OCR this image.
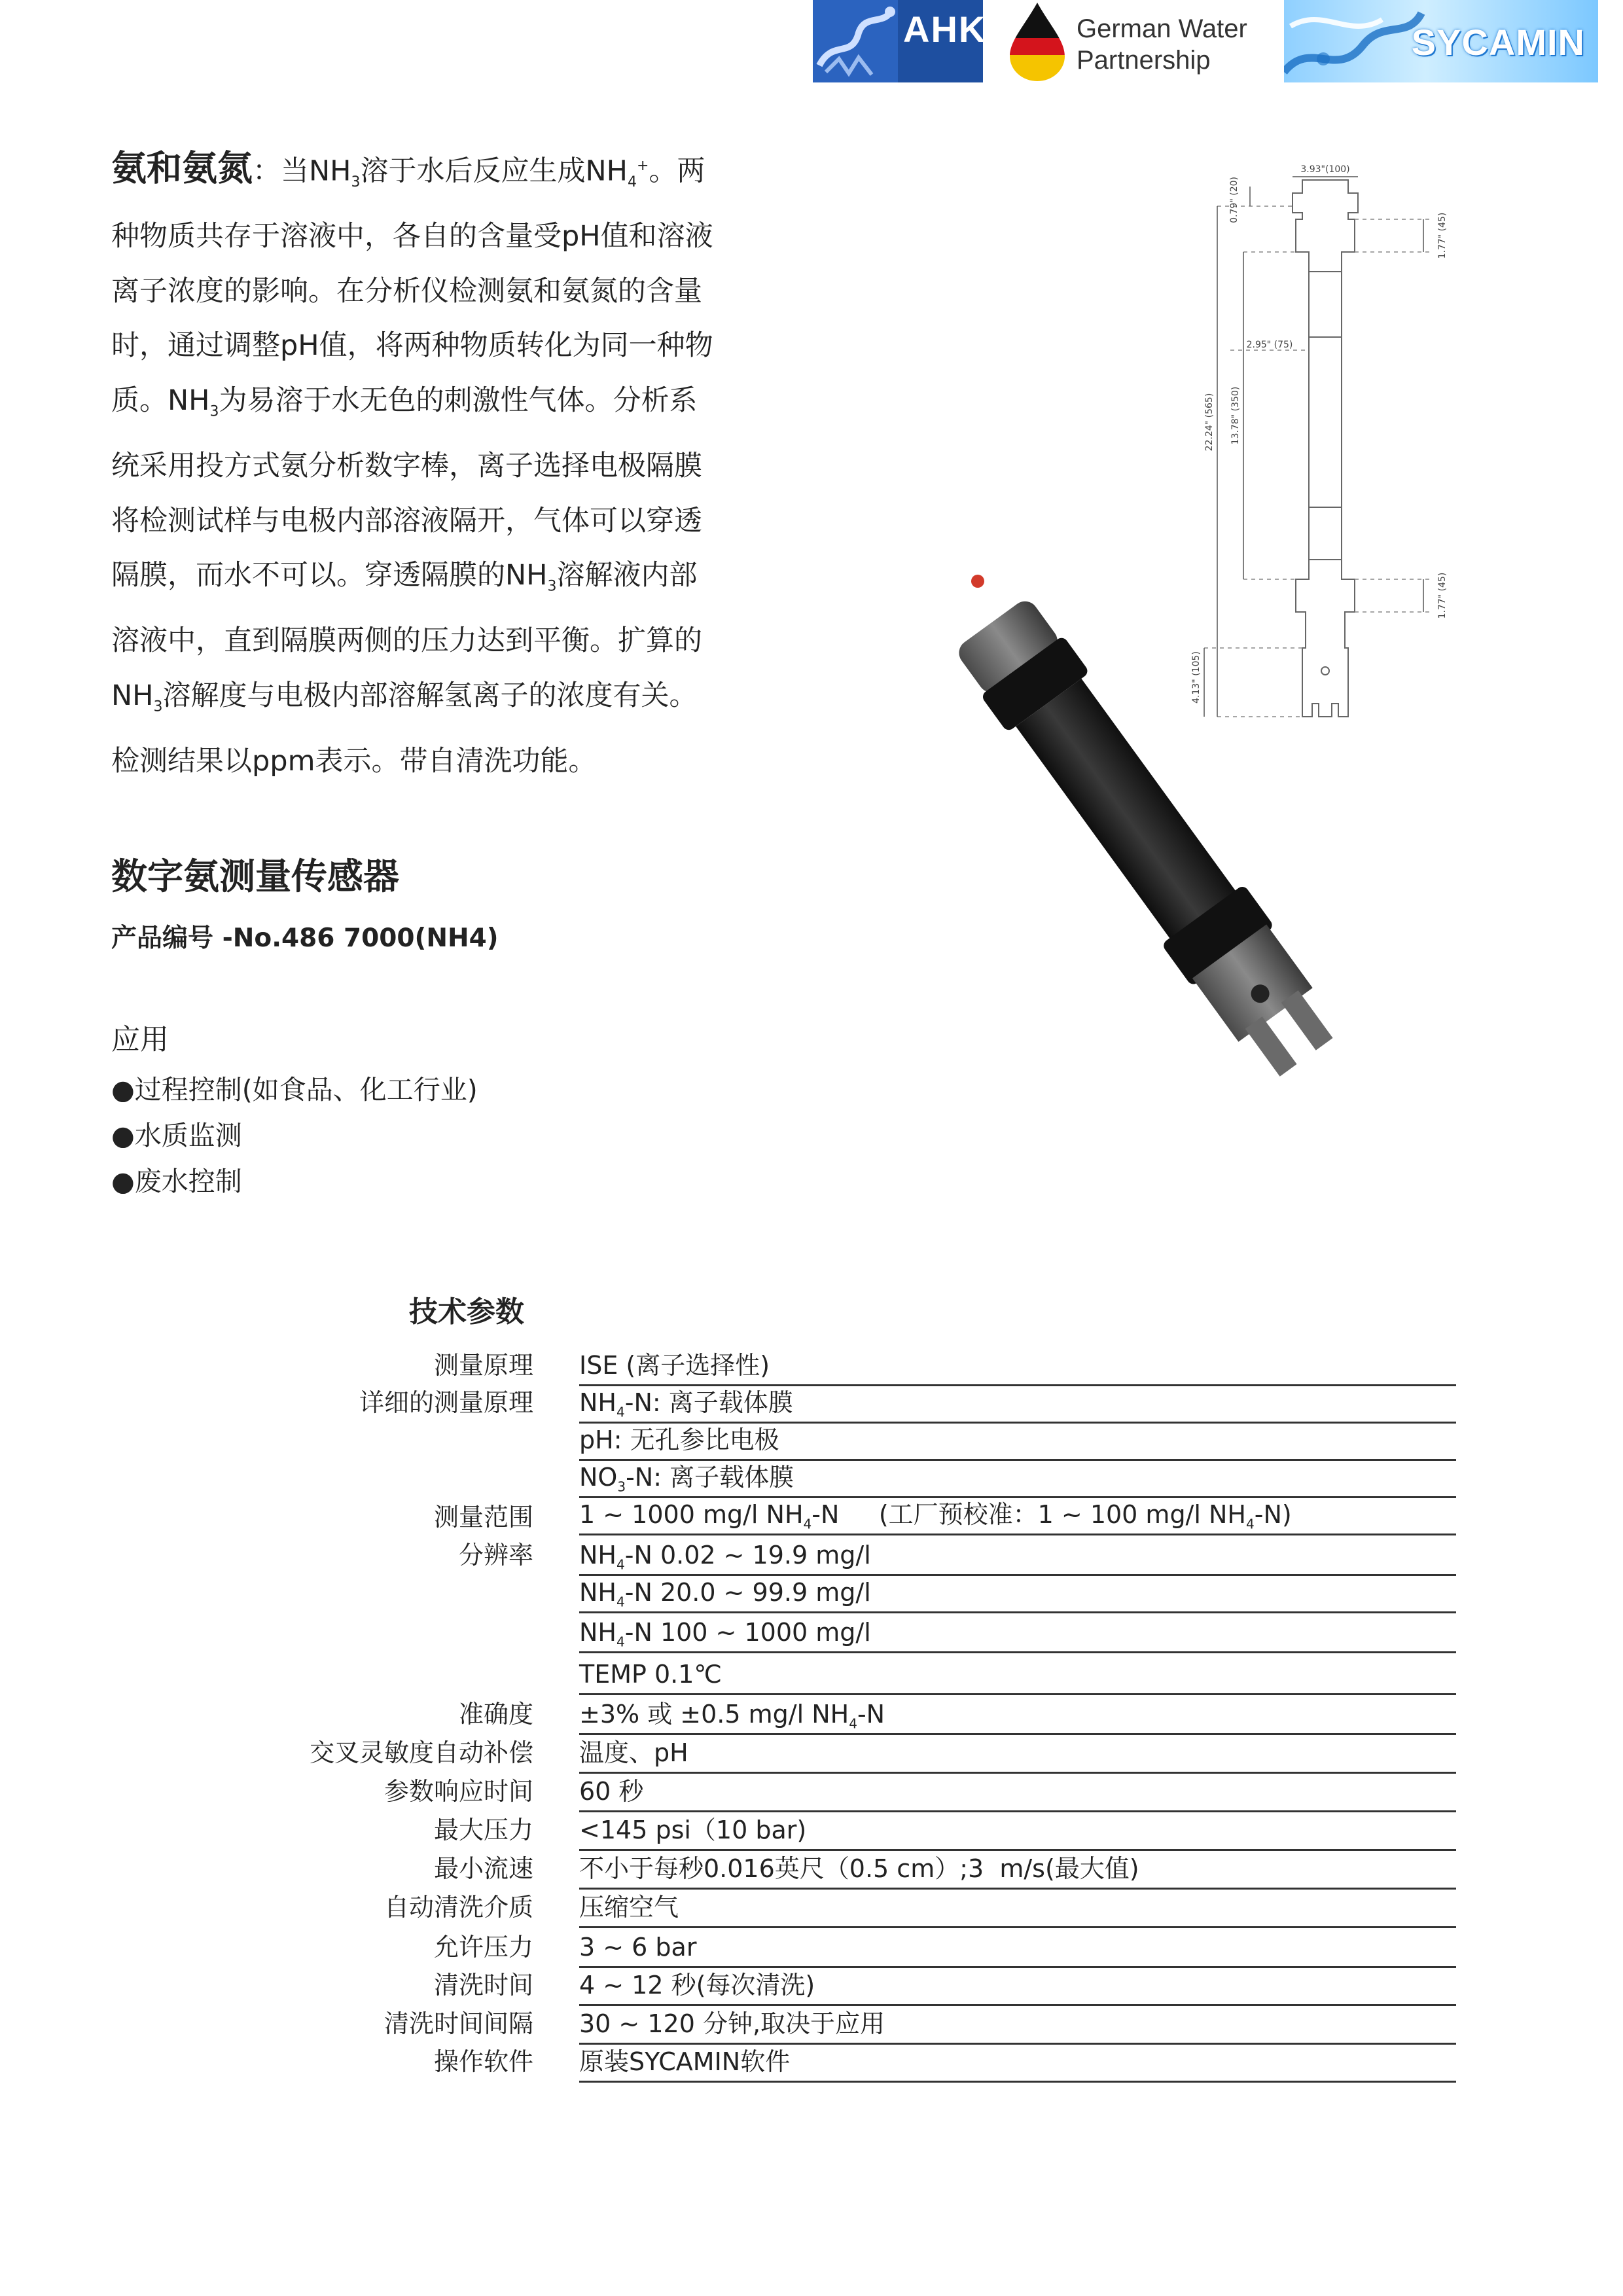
AHK	German Water
Partnership	SYCAMIN
氨和氨氮：当$NH_3$溶于水后反应生成$NH_4^+$。两
种物质共存于溶液中，各自的含量受pH值和溶液
离子浓度的影响。在分析仪检测氨和氨氮的含量
时，通过调整pH值，将两种物质转化为同一种物
质。$NH_3$为易溶于水无色的刺激性气体。分析系
统采用投方式氨分析数字棒，离子选择电极隔膜
将检测试样与电极内部溶液隔开，气体可以穿透
隔膜，而水不可以。穿透隔膜的$NH_3$溶解液内部
溶液中，直到隔膜两侧的压力达到平衡。扩算的
$NH_3$溶解度与电极内部溶解氢离子的浓度有关。
检测结果以ppm表示。带自清洗功能。
3.93"(100)
0.79" (20)
1.77" (45)
2.95" (75)
22.24" (565) 13.78" (350)
1.77" (45)
4.13" (105)
数字氨测量传感器
产品编号 -No.486 7000(NH4)
应用
●过程控制(如食品、化工行业)
●水质监测
●废水控制
技术参数
测量原理 ISE (离子选择性)
详细的测量原理 $NH_4-N$: 离子载体膜
pH: 无孔参比电极
$NO_3-N$: 离子载体膜
测量范围 1 ~ 1000 mg/l $NH_4-N$     (工厂预校准：1 ~ 100 mg/l $NH_4-N$)
分辨率 $NH_4-N$ 0.02 ~ 19.9 mg/l
$NH_4-N$ 20.0 ~ 99.9 mg/l
$NH_4-N$ 100 ~ 1000 mg/l
TEMP 0.1℃
准确度 ±3% 或 ±0.5 mg/l $NH_4-N$
交叉灵敏度自动补偿 温度、pH
参数响应时间 60 秒
最大压力 <145 psi（10 bar)
最小流速 不小于每秒0.016英尺（0.5 cm）;3  m/s(最大值)
自动清洗介质 压缩空气
允许压力 3 ~ 6 bar
清洗时间 4 ~ 12 秒(每次清洗)
清洗时间间隔 30 ~ 120 分钟,取决于应用
操作软件 原装SYCAMIN软件
